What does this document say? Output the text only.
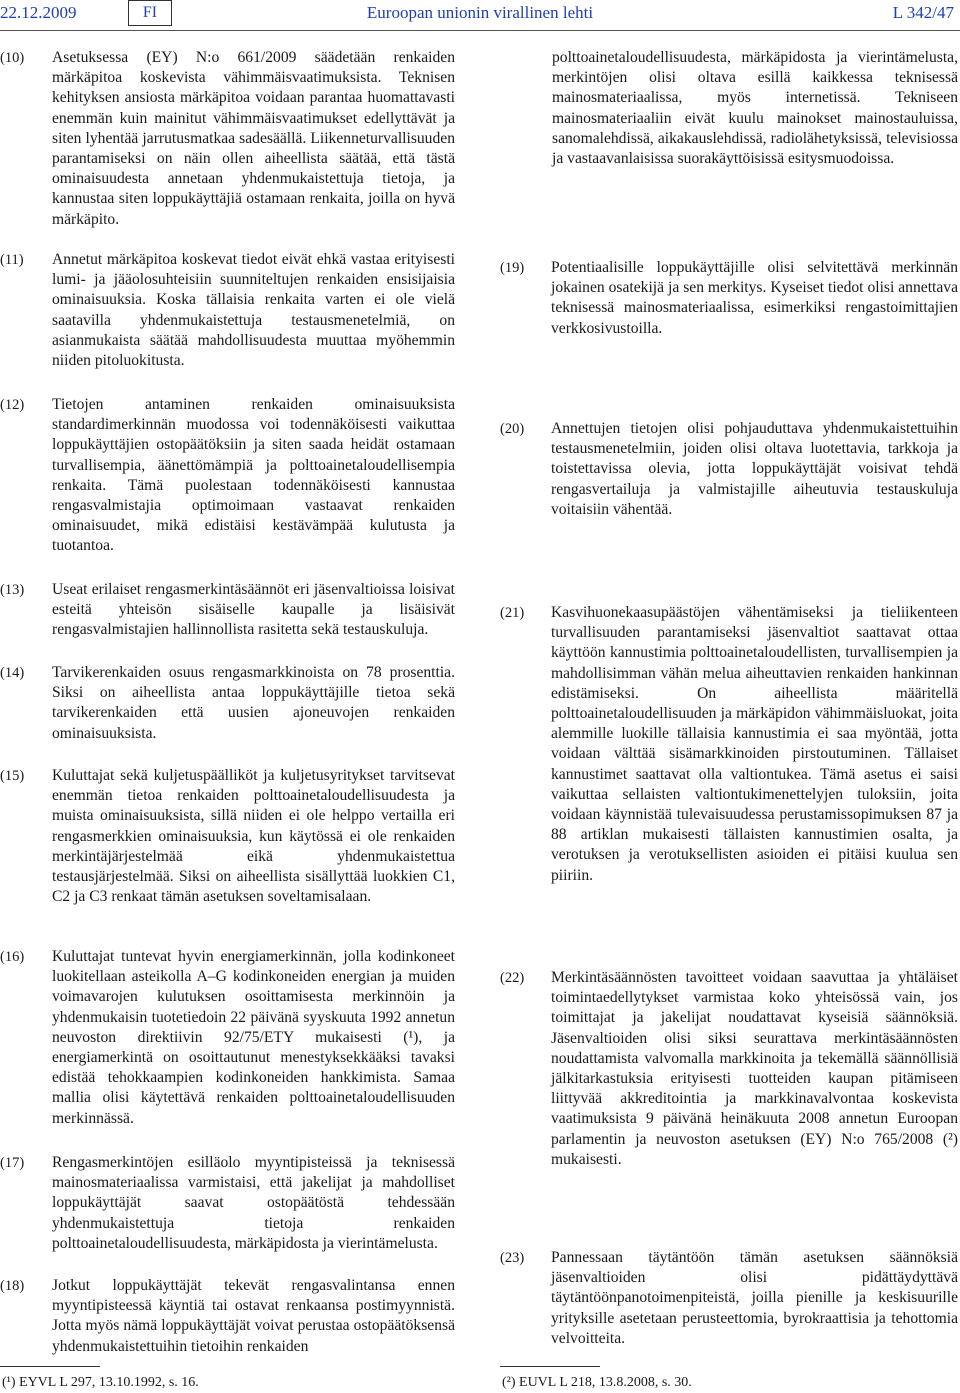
22.12.2009	FI	Euroopan unionin virallinen lehti	L 342/47
(10) Asetuksessa (EY) N:o 661/2009 säädetään renkaiden märkäpitoa koskevista vähimmäisvaatimuksista. Teknisen kehityksen ansiosta märkäpitoa voidaan parantaa huomattavasti enemmän kuin mainitut vähimmäisvaatimukset edellyttävät ja siten lyhentää jarrutusmatkaa sadesäällä. Liikenneturvallisuuden parantamiseksi on näin ollen aiheellista säätää, että tästä ominaisuudesta annetaan yhdenmukaistettuja tietoja, ja kannustaa siten loppukäyttäjiä ostamaan renkaita, joilla on hyvä märkäpito.
(11) Annetut märkäpitoa koskevat tiedot eivät ehkä vastaa erityisesti lumi- ja jääolosuhteisiin suunniteltujen renkaiden ensisijaisia ominaisuuksia. Koska tällaisia renkaita varten ei ole vielä saatavilla yhdenmukaistettuja testausmenetelmiä, on asianmukaista säätää mahdollisuudesta muuttaa myöhemmin niiden pitoluokitusta.
(12) Tietojen antaminen renkaiden ominaisuuksista standardimerkinnän muodossa voi todennäköisesti vaikuttaa loppukäyttäjien ostopäätöksiin ja siten saada heidät ostamaan turvallisempia, äänettömämpiä ja polttoainetaloudellisempia renkaita. Tämä puolestaan todennäköisesti kannustaa rengasvalmistajia optimoimaan vastaavat renkaiden ominaisuudet, mikä edistäisi kestävämpää kulutusta ja tuotantoa.
(13) Useat erilaiset rengasmerkintäsäännöt eri jäsenvaltioissa loisivat esteitä yhteisön sisäiselle kaupalle ja lisäisivät rengasvalmistajien hallinnollista rasitetta sekä testauskuluja.
(14) Tarvikerenkaiden osuus rengasmarkkinoista on 78 prosenttia. Siksi on aiheellista antaa loppukäyttäjille tietoa sekä tarvikerenkaiden että uusien ajoneuvojen renkaiden ominaisuuksista.
(15) Kuluttajat sekä kuljetuspäälliköt ja kuljetusyritykset tarvitsevat enemmän tietoa renkaiden polttoainetaloudellisuudesta ja muista ominaisuuksista, sillä niiden ei ole helppo vertailla eri rengasmerkkien ominaisuuksia, kun käytössä ei ole renkaiden merkintäjärjestelmää eikä yhdenmukaistettua testausjärjestelmää. Siksi on aiheellista sisällyttää luokkien C1, C2 ja C3 renkaat tämän asetuksen soveltamisalaan.
(16) Kuluttajat tuntevat hyvin energiamerkinnän, jolla kodinkoneet luokitellaan asteikolla A–G kodinkoneiden energian ja muiden voimavarojen kulutuksen osoittamisesta merkinnöin ja yhdenmukaisin tuotetiedoin 22 päivänä syyskuuta 1992 annetun neuvoston direktiivin 92/75/ETY mukaisesti (¹), ja energiamerkintä on osoittautunut menestyksekkääksi tavaksi edistää tehokkaampien kodinkoneiden hankkimista. Samaa mallia olisi käytettävä renkaiden polttoainetaloudellisuuden merkinnässä.
(17) Rengasmerkintöjen esilläolo myyntipisteissä ja teknisessä mainosmateriaalissa varmistaisi, että jakelijat ja mahdolliset loppukäyttäjät saavat ostopäätöstä tehdessään yhdenmukaistettuja tietoja renkaiden polttoainetaloudellisuudesta, märkäpidosta ja vierintämelusta.
(18) Jotkut loppukäyttäjät tekevät rengasvalintansa ennen myyntipisteessä käyntiä tai ostavat renkaansa postimyynnistä. Jotta myös nämä loppukäyttäjät voivat perustaa ostopäätöksensä yhdenmukaistettuihin tietoihin renkaiden
polttoainetaloudellisuudesta, märkäpidosta ja vierintämelusta, merkintöjen olisi oltava esillä kaikkessa teknisessä mainosmateriaalissa, myös internetissä. Tekniseen mainosmateriaaliin eivät kuulu mainokset mainostauluissa, sanomalehdissä, aikakauslehdissä, radiolähetyksissä, televisiossa ja vastaavanlaisissa suorakäyttöisissä esitysmuodoissa.
(19) Potentiaalisille loppukäyttäjille olisi selvitettävä merkinnän jokainen osatekijä ja sen merkitys. Kyseiset tiedot olisi annettava teknisessä mainosmateriaalissa, esimerkiksi rengastoimittajien verkkosivustoilla.
(20) Annettujen tietojen olisi pohjauduttava yhdenmukaistettuihin testausmenetelmiin, joiden olisi oltava luotettavia, tarkkoja ja toistettavissa olevia, jotta loppukäyttäjät voisivat tehdä rengasvertailuja ja valmistajille aiheutuvia testauskuluja voitaisiin vähentää.
(21) Kasvihuonekaasupäästöjen vähentämiseksi ja tieliikenteen turvallisuuden parantamiseksi jäsenvaltiot saattavat ottaa käyttöön kannustimia polttoainetaloudellisten, turvallisempien ja mahdollisimman vähän melua aiheuttavien renkaiden hankinnan edistämiseksi. On aiheellista määritellä polttoainetaloudellisuuden ja märkäpidon vähimmäisluokat, joita alemmille luokille tällaisia kannustimia ei saa myöntää, jotta voidaan välttää sisämarkkinoiden pirstoutuminen. Tällaiset kannustimet saattavat olla valtiontukea. Tämä asetus ei saisi vaikuttaa sellaisten valtiontukimenettelyjen tuloksiin, joita voidaan käynnistää tulevaisuudessa perustamissopimuksen 87 ja 88 artiklan mukaisesti tällaisten kannustimien osalta, ja verotuksen ja verotuksellisten asioiden ei pitäisi kuulua sen piiriin.
(22) Merkintäsäännösten tavoitteet voidaan saavuttaa ja yhtäläiset toimintaedellytykset varmistaa koko yhteisössä vain, jos toimittajat ja jakelijat noudattavat kyseisiä säännöksiä. Jäsenvaltioiden olisi siksi seurattava merkintäsäännösten noudattamista valvomalla markkinoita ja tekemällä säännöllisiä jälkitarkastuksia erityisesti tuotteiden kaupan pitämiseen liittyvää akkreditointia ja markkinavalvontaa koskevista vaatimuksista 9 päivänä heinäkuuta 2008 annetun Euroopan parlamentin ja neuvoston asetuksen (EY) N:o 765/2008 (²) mukaisesti.
(23) Pannessaan täytäntöön tämän asetuksen säännöksiä jäsenvaltioiden olisi pidättäydyttävä täytäntöönpanotoimenpiteistä, joilla pienille ja keskisuurille yrityksille asetetaan perusteettomia, byrokraattisia ja tehottomia velvoitteita.
(¹) EYVL L 297, 13.10.1992, s. 16.	(²) EUVL L 218, 13.8.2008, s. 30.
